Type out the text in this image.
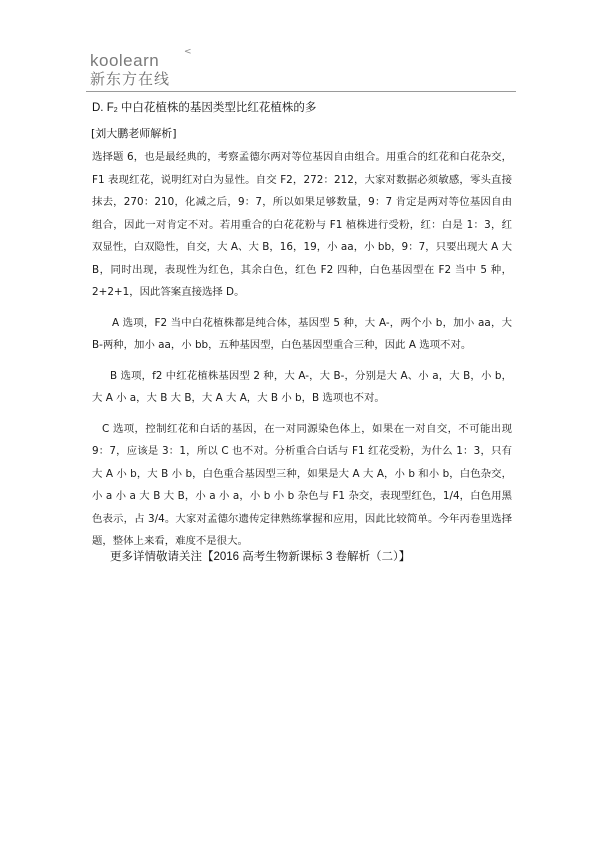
koolearn	<
新东方在线

D. $F_2$ 中白花植株的基因类型比红花植株的多

[刘大鹏老师解析]

选择题 6，也是最经典的，考察孟德尔两对等位基因自由组合。用重合的红花和白花杂交，F1 表现红花，说明红对白为显性。自交 F2，272：212，大家对数据必须敏感，零头直接抹去，270：210，化减之后，9：7，所以如果足够数量，9：7 肯定是两对等位基因自由组合，因此一对肯定不对。若用重合的白花花粉与 F1 植株进行受粉，红：白是 1：3，红双显性，白双隐性，自交，大 A、大 B，16，19，小 aa，小 bb，9：7，只要出现大 A 大 B，同时出现，表现性为红色，其余白色，红色 F2 四种，白色基因型在 F2 当中 5 种，2+2+1，因此答案直接选择 D。

A 选项，F2 当中白花植株都是纯合体，基因型 5 种，大 A-，两个小 b，加小 aa，大 B-两种，加小 aa，小 bb，五种基因型，白色基因型重合三种，因此 A 选项不对。

B 选项，f2 中红花植株基因型 2 种，大 A-，大 B-，分别是大 A、小 a，大 B，小 b，大 A 小 a，大 B 大 B，大 A 大 A，大 B 小 b，B 选项也不对。

C 选项，控制红花和白话的基因，在一对同源染色体上，如果在一对自交，不可能出现 9：7，应该是 3：1，所以 C 也不对。分析重合白话与 F1 红花受粉，为什么 1：3，只有大 A 小 b，大 B 小 b，白色重合基因型三种，如果是大 A 大 A，小 b 和小 b，白色杂交，小 a 小 a 大 B 大 B，小 a 小 a，小 b 小 b 杂色与 F1 杂交，表现型红色，1/4，白色用黑色表示，占 3/4。大家对孟德尔遗传定律熟练掌握和应用，因此比较简单。今年丙卷里选择题，整体上来看，难度不是很大。

更多详情敬请关注【2016 高考生物新课标 3 卷解析（二）】
